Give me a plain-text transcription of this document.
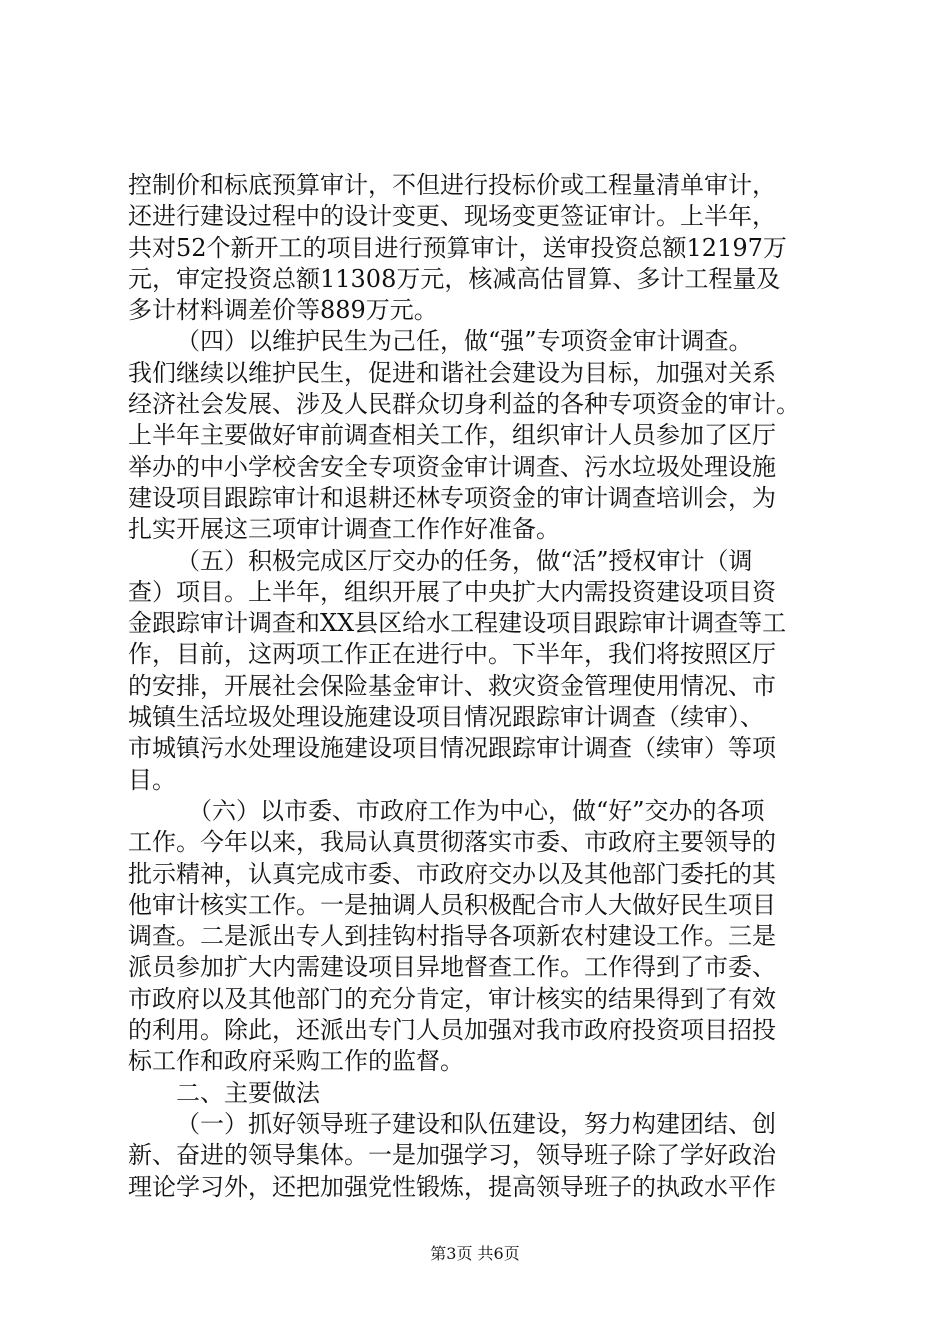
控制价和标底预算审计，不但进行投标价或工程量清单审计，
还进行建设过程中的设计变更、现场变更签证审计。上半年，
共对52个新开工的项目进行预算审计，送审投资总额12197万
元，审定投资总额11308万元，核减高估冒算、多计工程量及
多计材料调差价等889万元。
（四）以维护民生为己任，做“强”专项资金审计调查。
我们继续以维护民生，促进和谐社会建设为目标，加强对关系
经济社会发展、涉及人民群众切身利益的各种专项资金的审计。
上半年主要做好审前调查相关工作，组织审计人员参加了区厅
举办的中小学校舍安全专项资金审计调查、污水垃圾处理设施
建设项目跟踪审计和退耕还林专项资金的审计调查培训会，为
扎实开展这三项审计调查工作作好准备。
（五）积极完成区厅交办的任务，做“活”授权审计（调
查）项目。上半年，组织开展了中央扩大内需投资建设项目资
金跟踪审计调查和XX县区给水工程建设项目跟踪审计调查等工
作，目前，这两项工作正在进行中。下半年，我们将按照区厅
的安排，开展社会保险基金审计、救灾资金管理使用情况、市
城镇生活垃圾处理设施建设项目情况跟踪审计调查（续审）、
市城镇污水处理设施建设项目情况跟踪审计调查（续审）等项
目。
（六）以市委、市政府工作为中心，做“好”交办的各项
工作。今年以来，我局认真贯彻落实市委、市政府主要领导的
批示精神，认真完成市委、市政府交办以及其他部门委托的其
他审计核实工作。一是抽调人员积极配合市人大做好民生项目
调查。二是派出专人到挂钩村指导各项新农村建设工作。三是
派员参加扩大内需建设项目异地督查工作。工作得到了市委、
市政府以及其他部门的充分肯定，审计核实的结果得到了有效
的利用。除此，还派出专门人员加强对我市政府投资项目招投
标工作和政府采购工作的监督。
二、主要做法
（一）抓好领导班子建设和队伍建设，努力构建团结、创
新、奋进的领导集体。一是加强学习，领导班子除了学好政治
理论学习外，还把加强党性锻炼，提高领导班子的执政水平作
第3页 共6页
